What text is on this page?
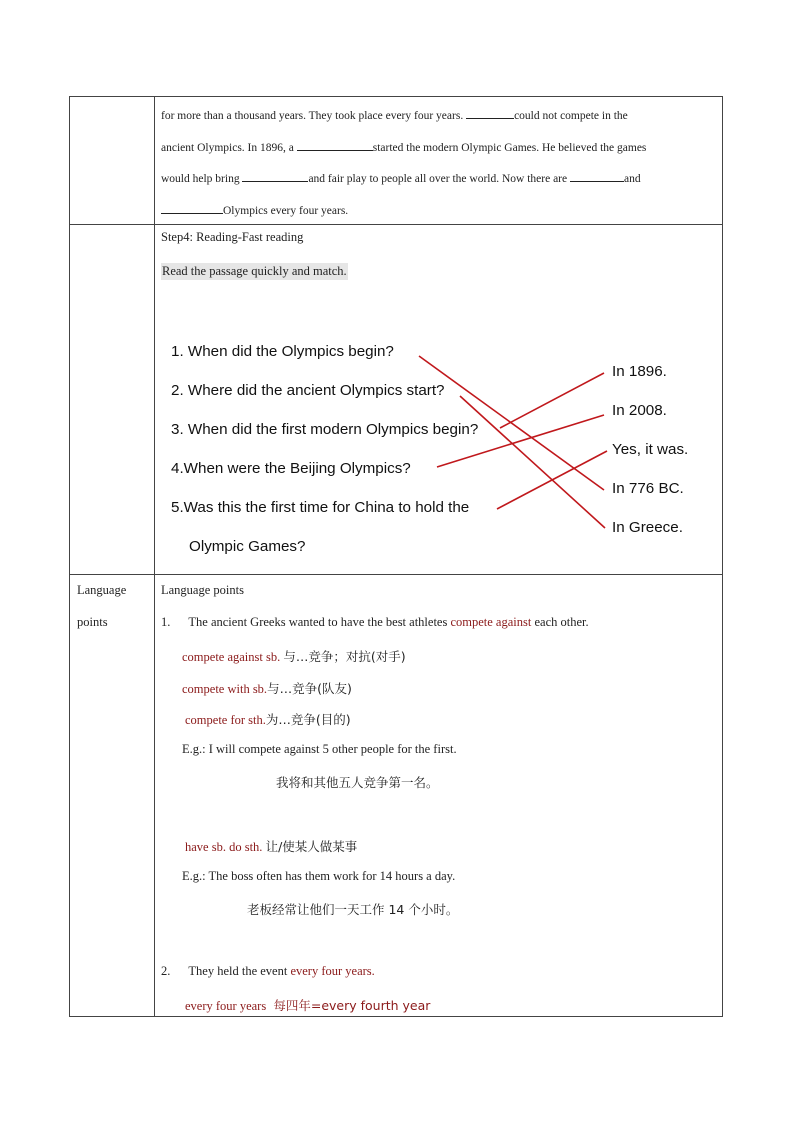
for more than a thousand years. They took place every four years.	could not compete in the
ancient Olympics. In 1896, a	started the modern Olympic Games. He believed the games
would help bring	and fair play to people all over the world. Now there are	and
Olympics every four years.
Step4: Reading-Fast reading
Read the passage quickly and match.
1. When did the Olympics begin?
2. Where did the ancient Olympics start?
3. When did the first modern Olympics begin?
4.When were the Beijing Olympics?
5.Was this the first time for China to hold the
Olympic Games?
In 1896.
In 2008.
Yes, it was.
In 776 BC.
In Greece.
Language
points
Language points
1. The ancient Greeks wanted to have the best athletes compete against each other.
compete against sb. 与…竞争；对抗(对手)
compete with sb.与…竞争(队友)
compete for sth.为…竞争(目的)
E.g.: I will compete against 5 other people for the first.
我将和其他五人竞争第一名。
have sb. do sth. 让/使某人做某事
E.g.: The boss often has them work for 14 hours a day.
老板经常让他们一天工作 14 个小时。
2. They held the event every four years.
every four years 每四年=every fourth year
